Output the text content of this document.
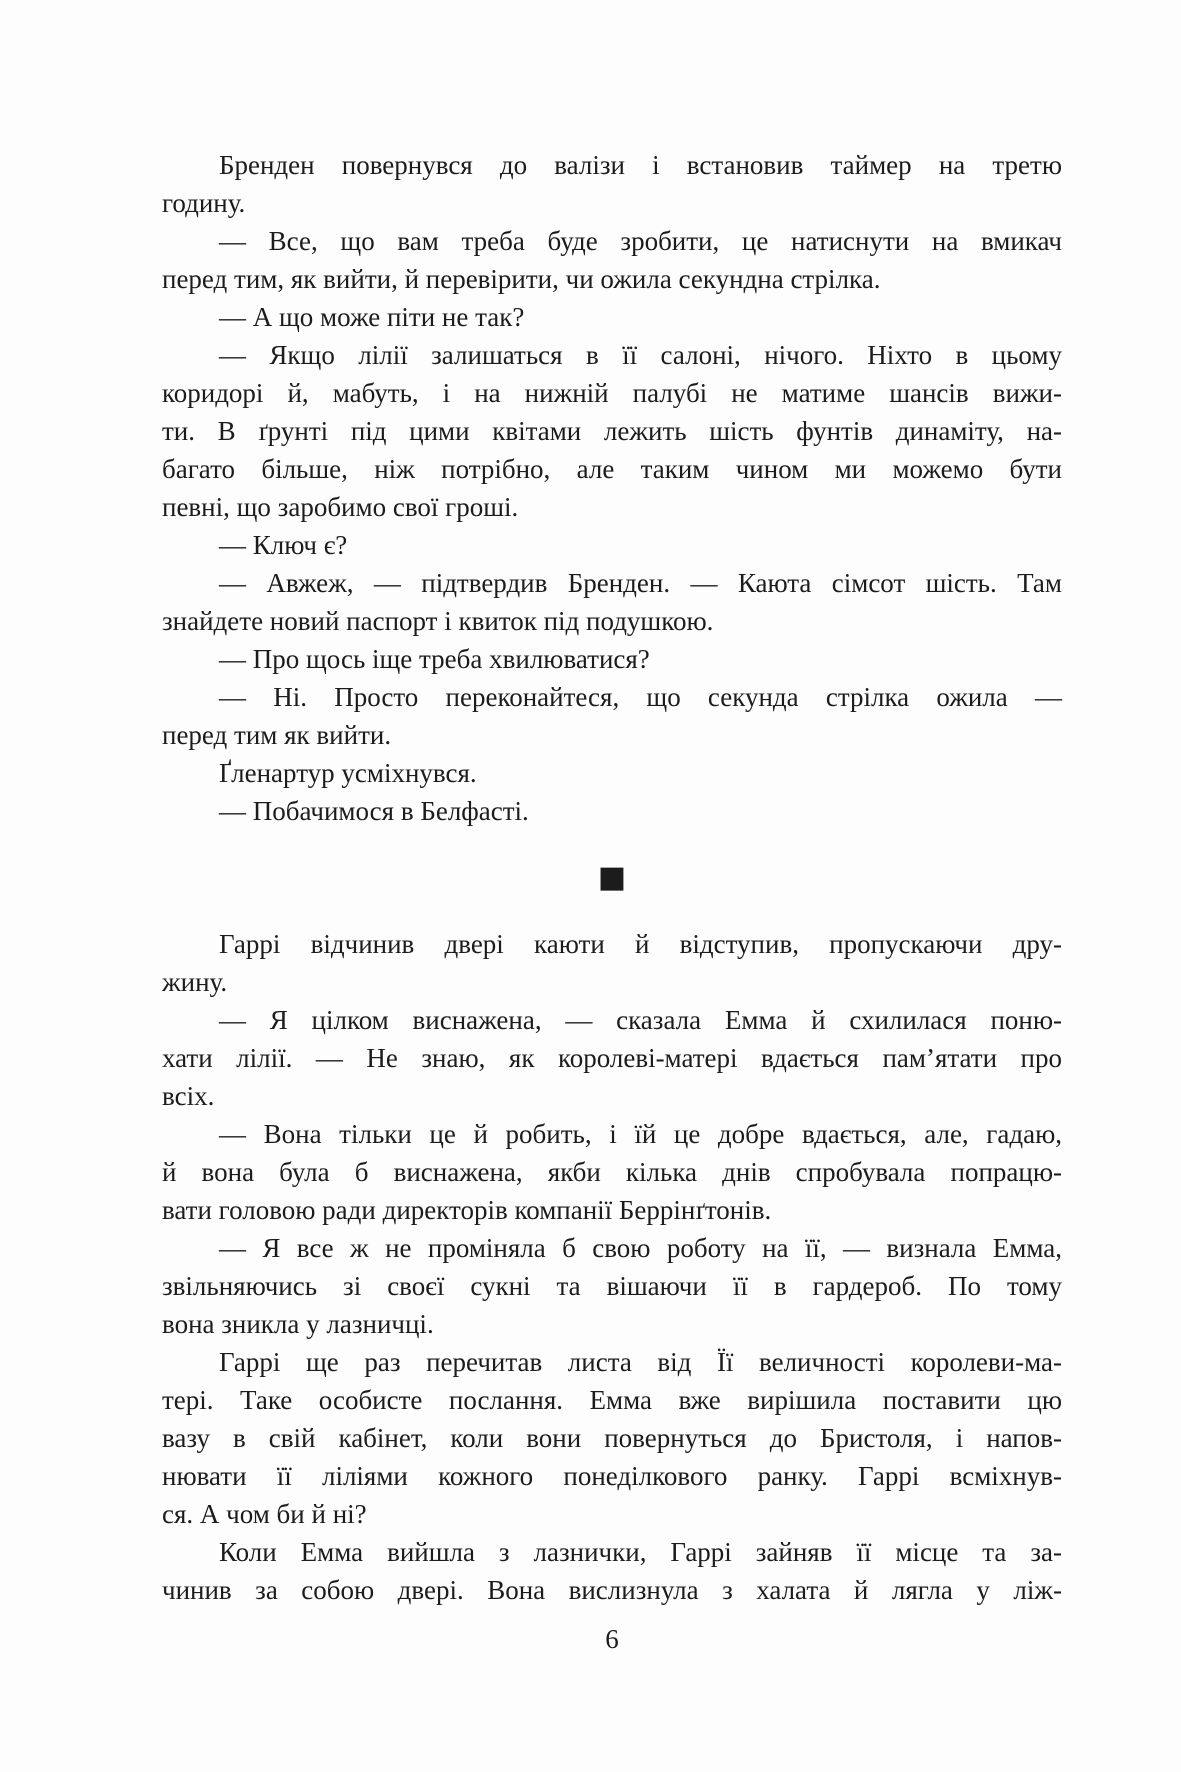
Бренден повернувся до валізи і встановив таймер на третю
годину.
— Все, що вам треба буде зробити, це натиснути на вмикач
перед тим, як вийти, й перевірити, чи ожила секундна стрілка.
— А що може піти не так?
— Якщо лілії залишаться в її салоні, нічого. Ніхто в цьому
коридорі й, мабуть, і на нижній палубі не матиме шансів вижи-
ти. В ґрунті під цими квітами лежить шість фунтів динаміту, на-
багато більше, ніж потрібно, але таким чином ми можемо бути
певні, що заробимо свої гроші.
— Ключ є?
— Авжеж, — підтвердив Бренден. — Каюта сімсот шість. Там
знайдете новий паспорт і квиток під подушкою.
— Про щось іще треба хвилюватися?
— Ні. Просто переконайтеся, що секунда стрілка ожила —
перед тим як вийти.
Ґленартур усміхнувся.
— Побачимося в Белфасті.
■
Гаррі відчинив двері каюти й відступив, пропускаючи дру-
жину.
— Я цілком виснажена, — сказала Емма й схилилася поню-
хати лілії. — Не знаю, як королеві-матері вдається пам’ятати про
всіх.
— Вона тільки це й робить, і їй це добре вдається, але, гадаю,
й вона була б виснажена, якби кілька днів спробувала попрацю-
вати головою ради директорів компанії Беррінґтонів.
— Я все ж не проміняла б свою роботу на її, — визнала Емма,
звільняючись зі своєї сукні та вішаючи її в гардероб. По тому
вона зникла у лазничці.
Гаррі ще раз перечитав листа від Її величності королеви-ма-
тері. Таке особисте послання. Емма вже вирішила поставити цю
вазу в свій кабінет, коли вони повернуться до Бристоля, і напов-
нювати її ліліями кожного понеділкового ранку. Гаррі всміхнув-
ся. А чом би й ні?
Коли Емма вийшла з лазнички, Гаррі зайняв її місце та за-
чинив за собою двері. Вона вислизнула з халата й лягла у ліж-
6
